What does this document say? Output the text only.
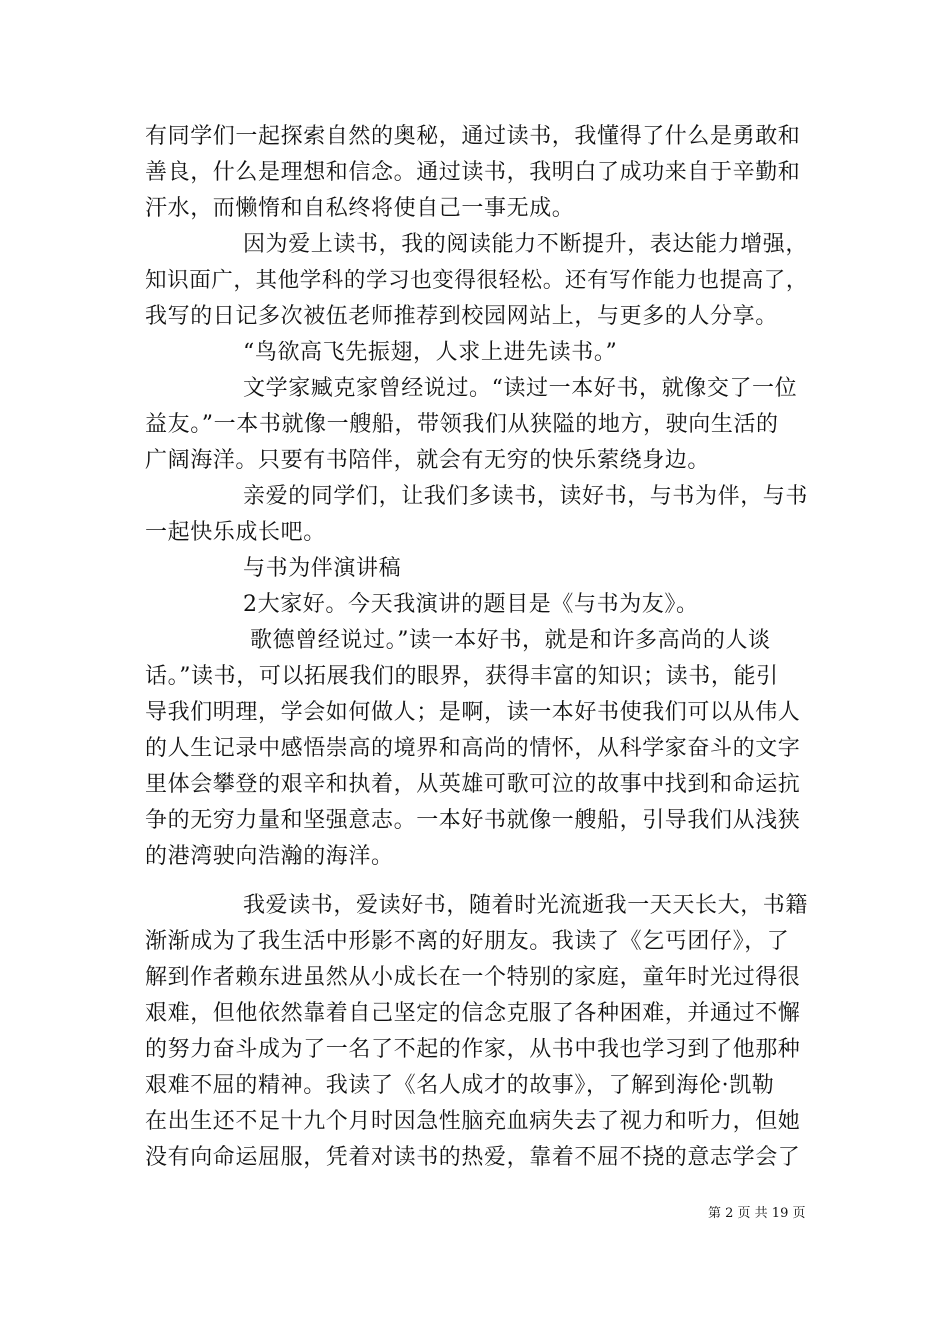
有同学们一起探索自然的奥秘，通过读书，我懂得了什么是勇敢和
善良，什么是理想和信念。通过读书，我明白了成功来自于辛勤和
汗水，而懒惰和自私终将使自己一事无成。
因为爱上读书，我的阅读能力不断提升，表达能力增强，
知识面广，其他学科的学习也变得很轻松。还有写作能力也提高了，
我写的日记多次被伍老师推荐到校园网站上，与更多的人分享。
“鸟欲高飞先振翅，人求上进先读书。”
文学家臧克家曾经说过。“读过一本好书，就像交了一位
益友。”一本书就像一艘船，带领我们从狭隘的地方，驶向生活的
广阔海洋。只要有书陪伴，就会有无穷的快乐萦绕身边。
亲爱的同学们，让我们多读书，读好书，与书为伴，与书
一起快乐成长吧。
与书为伴演讲稿
2大家好。今天我演讲的题目是《与书为友》。
歌德曾经说过。”读一本好书，就是和许多高尚的人谈
话。”读书，可以拓展我们的眼界，获得丰富的知识；读书，能引
导我们明理，学会如何做人；是啊，读一本好书使我们可以从伟人
的人生记录中感悟崇高的境界和高尚的情怀，从科学家奋斗的文字
里体会攀登的艰辛和执着，从英雄可歌可泣的故事中找到和命运抗
争的无穷力量和坚强意志。一本好书就像一艘船，引导我们从浅狭
的港湾驶向浩瀚的海洋。
我爱读书，爱读好书，随着时光流逝我一天天长大，书籍
渐渐成为了我生活中形影不离的好朋友。我读了《乞丐团仔》，了
解到作者赖东进虽然从小成长在一个特别的家庭，童年时光过得很
艰难，但他依然靠着自己坚定的信念克服了各种困难，并通过不懈
的努力奋斗成为了一名了不起的作家，从书中我也学习到了他那种
艰难不屈的精神。我读了《名人成才的故事》，了解到海伦·凯勒
在出生还不足十九个月时因急性脑充血病失去了视力和听力，但她
没有向命运屈服，凭着对读书的热爱，靠着不屈不挠的意志学会了
第 2 页 共 19 页
